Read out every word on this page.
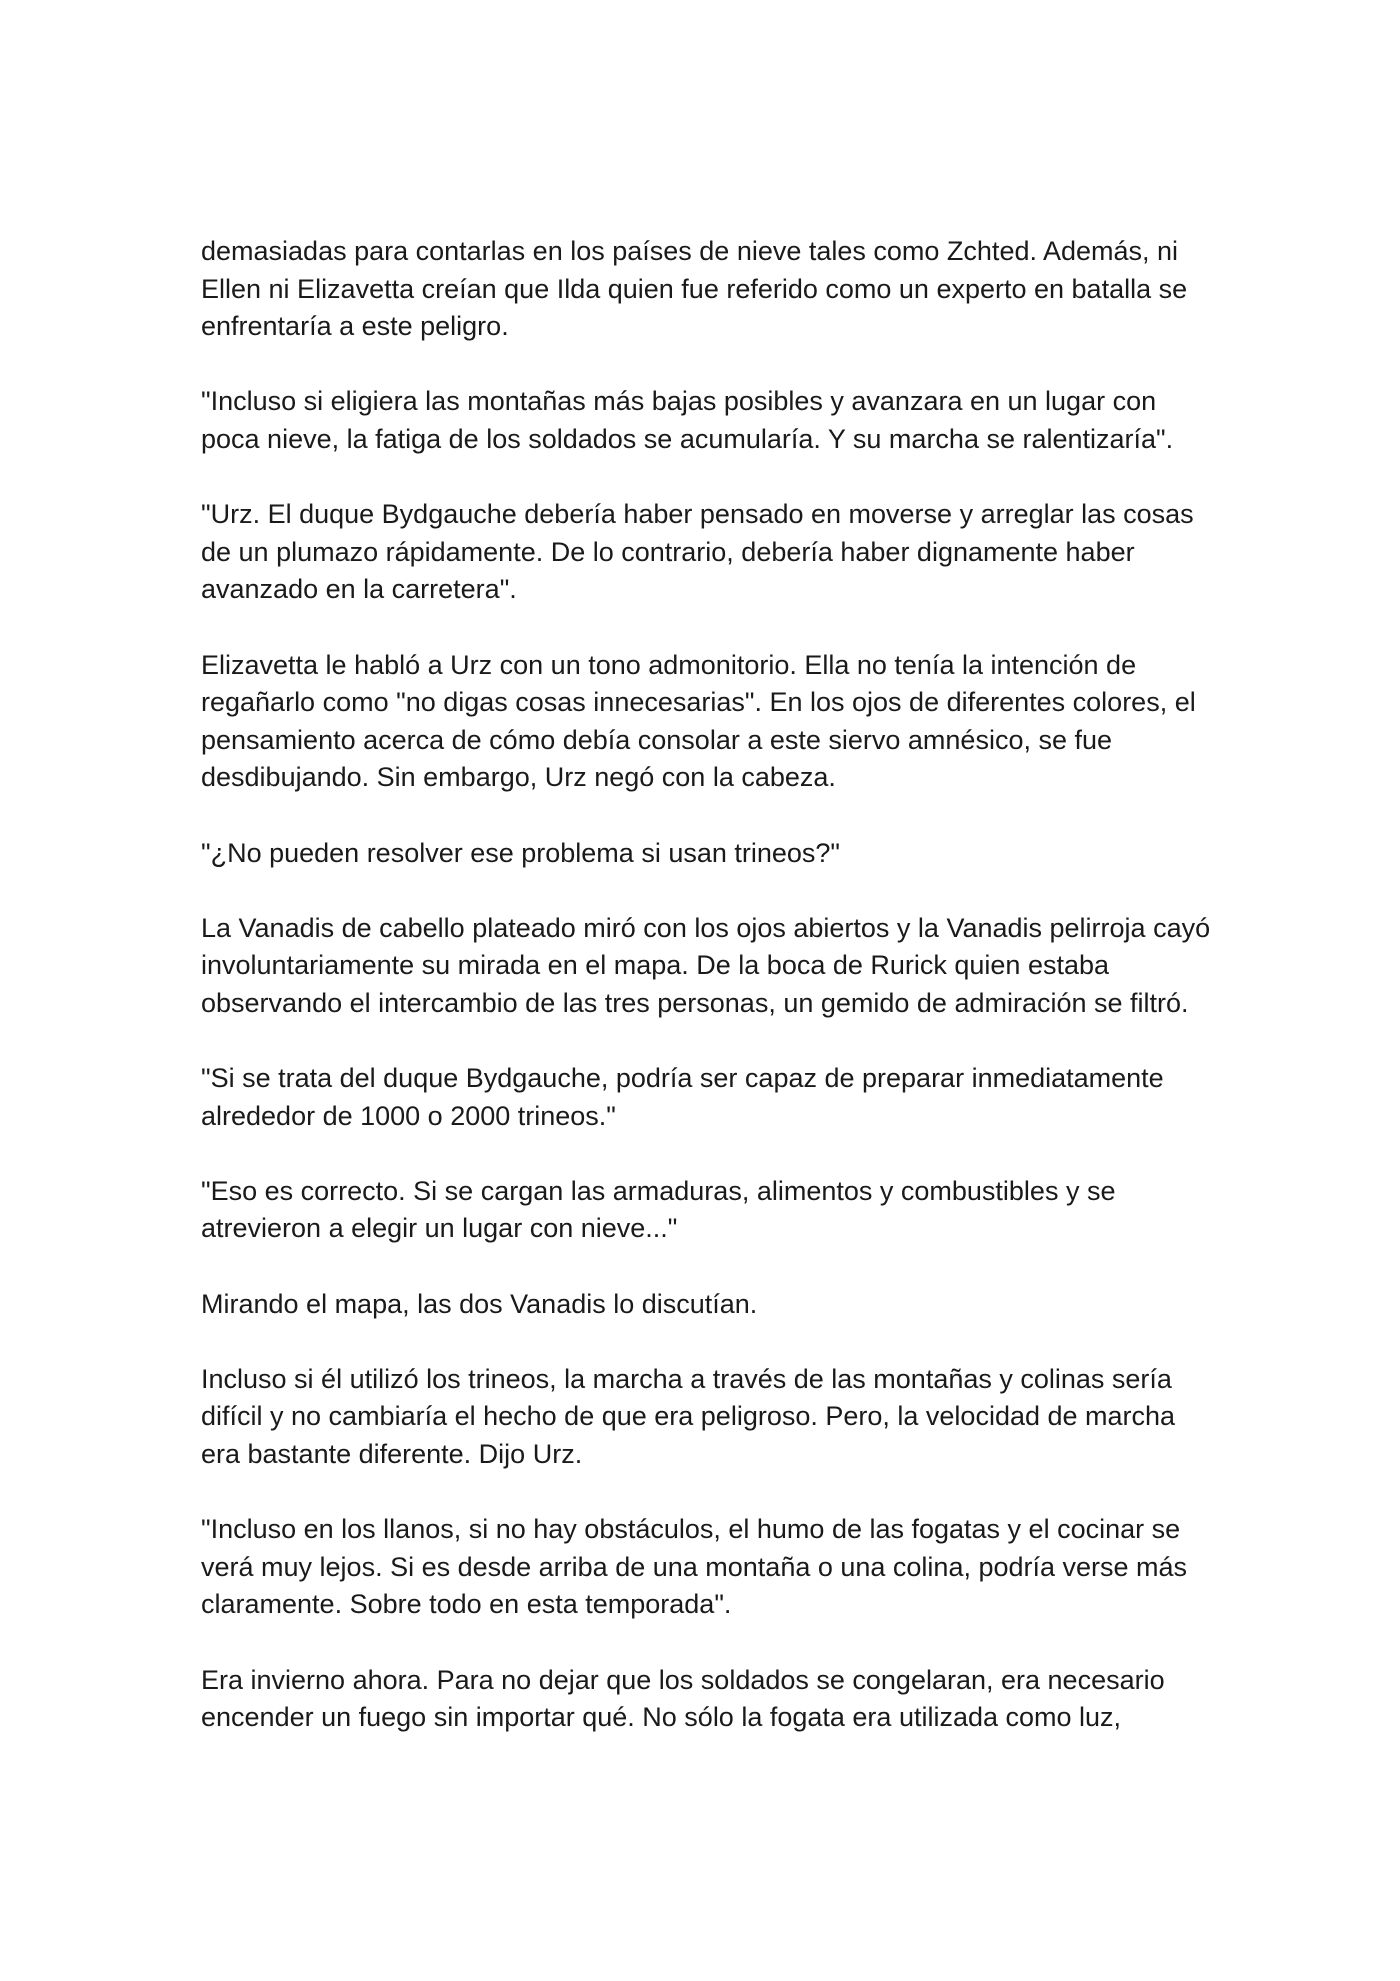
demasiadas para contarlas en los países de nieve tales como Zchted. Además, ni Ellen ni Elizavetta creían que Ilda quien fue referido como un experto en batalla se enfrentaría a este peligro.

"Incluso si eligiera las montañas más bajas posibles y avanzara en un lugar con poca nieve, la fatiga de los soldados se acumularía. Y su marcha se ralentizaría".

"Urz. El duque Bydgauche debería haber pensado en moverse y arreglar las cosas de un plumazo rápidamente. De lo contrario, debería haber dignamente haber avanzado en la carretera".

Elizavetta le habló a Urz con un tono admonitorio. Ella no tenía la intención de regañarlo como "no digas cosas innecesarias". En los ojos de diferentes colores, el pensamiento acerca de cómo debía consolar a este siervo amnésico, se fue desdibujando. Sin embargo, Urz negó con la cabeza.

"¿No pueden resolver ese problema si usan trineos?"

La Vanadis de cabello plateado miró con los ojos abiertos y la Vanadis pelirroja cayó involuntariamente su mirada en el mapa. De la boca de Rurick quien estaba observando el intercambio de las tres personas, un gemido de admiración se filtró.

"Si se trata del duque Bydgauche, podría ser capaz de preparar inmediatamente alrededor de 1000 o 2000 trineos."

"Eso es correcto. Si se cargan las armaduras, alimentos y combustibles y se atrevieron a elegir un lugar con nieve..."

Mirando el mapa, las dos Vanadis lo discutían.

Incluso si él utilizó los trineos, la marcha a través de las montañas y colinas sería difícil y no cambiaría el hecho de que era peligroso. Pero, la velocidad de marcha era bastante diferente. Dijo Urz.

"Incluso en los llanos, si no hay obstáculos, el humo de las fogatas y el cocinar se verá muy lejos. Si es desde arriba de una montaña o una colina, podría verse más claramente. Sobre todo en esta temporada".

Era invierno ahora. Para no dejar que los soldados se congelaran, era necesario encender un fuego sin importar qué. No sólo la fogata era utilizada como luz,
